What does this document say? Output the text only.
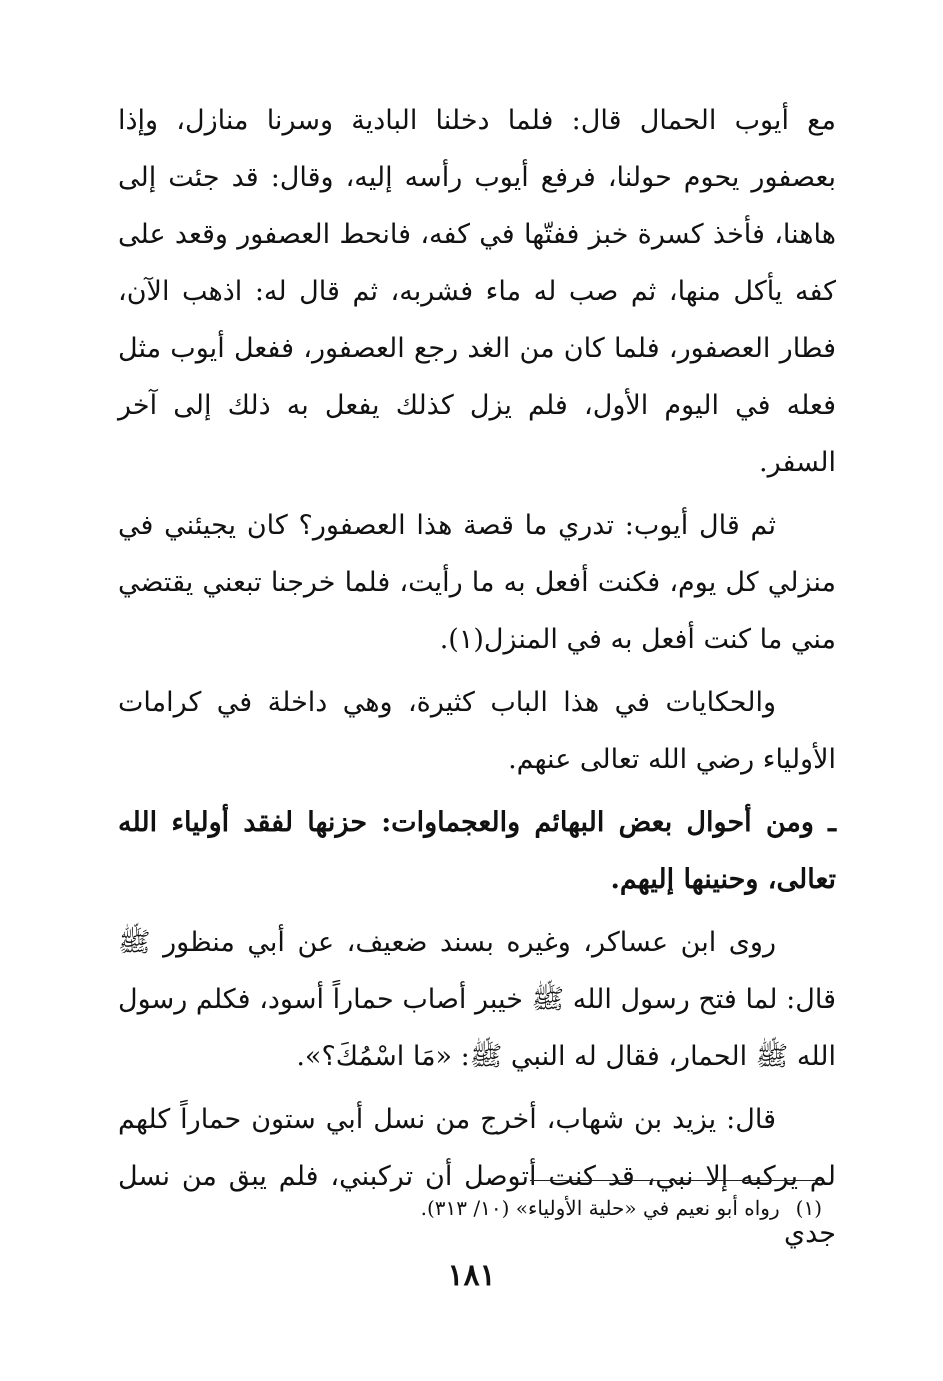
مع أيوب الحمال قال: فلما دخلنا البادية وسرنا منازل، وإذا بعصفور يحوم حولنا، فرفع أيوب رأسه إليه، وقال: قد جئت إلى هاهنا، فأخذ كسرة خبز ففتّها في كفه، فانحط العصفور وقعد على كفه يأكل منها، ثم صب له ماء فشربه، ثم قال له: اذهب الآن، فطار العصفور، فلما كان من الغد رجع العصفور، ففعل أيوب مثل فعله في اليوم الأول، فلم يزل كذلك يفعل به ذلك إلى آخر السفر.

ثم قال أيوب: تدري ما قصة هذا العصفور؟ كان يجيئني في منزلي كل يوم، فكنت أفعل به ما رأيت، فلما خرجنا تبعني يقتضي مني ما كنت أفعل به في المنزل(١).

والحكايات في هذا الباب كثيرة، وهي داخلة في كرامات الأولياء رضي الله تعالى عنهم.

ـ ومن أحوال بعض البهائم والعجماوات: حزنها لفقد أولياء الله تعالى، وحنينها إليهم.

روى ابن عساكر، وغيره بسند ضعيف، عن أبي منظور ﷺ قال: لما فتح رسول الله ﷺ خيبر أصاب حماراً أسود، فكلم رسول الله ﷺ الحمار، فقال له النبي ﷺ: «مَا اسْمُكَ؟».

قال: يزيد بن شهاب، أخرج من نسل أبي ستون حماراً كلهم لم يركبه إلا نبي، قد كنت أتوصل أن تركبني، فلم يبق من نسل جدي

(١)رواه أبو نعيم في «حلية الأولياء» (١٠/ ٣١٣).
١٨١
